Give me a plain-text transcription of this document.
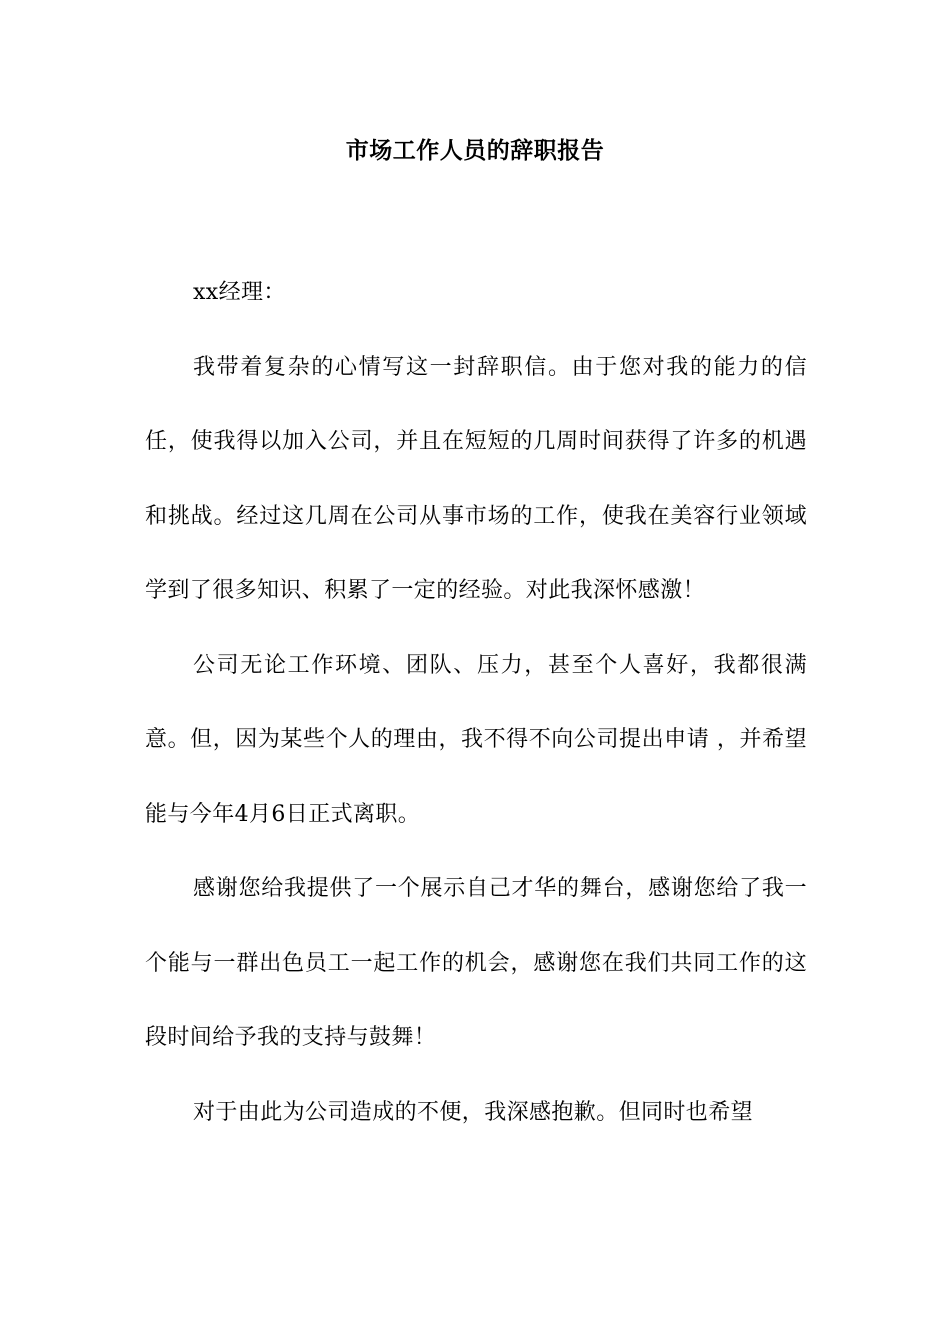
市场工作人员的辞职报告

xx经理：

我带着复杂的心情写这一封辞职信。由于您对我的能力的信任，使我得以加入公司，并且在短短的几周时间获得了许多的机遇和挑战。经过这几周在公司从事市场的工作，使我在美容行业领域学到了很多知识、积累了一定的经验。对此我深怀感激！

公司无论工作环境、团队、压力，甚至个人喜好，我都很满意。但，因为某些个人的理由，我不得不向公司提出申请 ，并希望能与今年4月6日正式离职。

感谢您给我提供了一个展示自己才华的舞台，感谢您给了我一个能与一群出色员工一起工作的机会，感谢您在我们共同工作的这段时间给予我的支持与鼓舞！

对于由此为公司造成的不便，我深感抱歉。但同时也希望
